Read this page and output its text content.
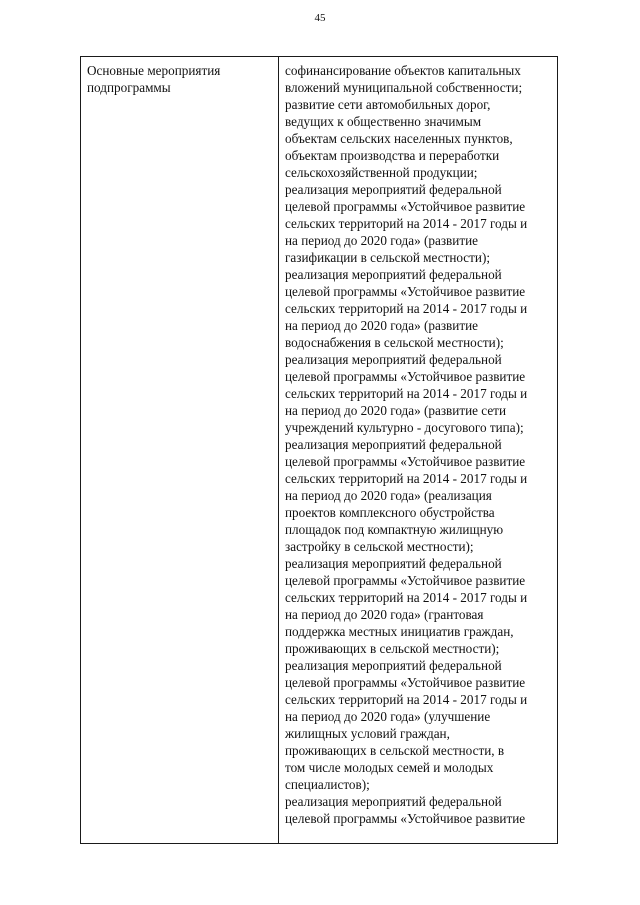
45
Основные мероприятия
подпрограммы
софинансирование объектов капитальных
вложений муниципальной собственности;
развитие сети автомобильных дорог,
ведущих к общественно значимым
объектам сельских населенных пунктов,
объектам производства и переработки
сельскохозяйственной продукции;
реализация мероприятий федеральной
целевой программы «Устойчивое развитие
сельских территорий на 2014 - 2017 годы и
на период до 2020 года» (развитие
газификации в сельской местности);
реализация мероприятий федеральной
целевой программы «Устойчивое развитие
сельских территорий на 2014 - 2017 годы и
на период до 2020 года» (развитие
водоснабжения в сельской местности);
реализация мероприятий федеральной
целевой программы «Устойчивое развитие
сельских территорий на 2014 - 2017 годы и
на период до 2020 года» (развитие сети
учреждений культурно - досугового типа);
реализация мероприятий федеральной
целевой программы «Устойчивое развитие
сельских территорий на 2014 - 2017 годы и
на период до 2020 года» (реализация
проектов комплексного обустройства
площадок под компактную жилищную
застройку в сельской местности);
реализация мероприятий федеральной
целевой программы «Устойчивое развитие
сельских территорий на 2014 - 2017 годы и
на период до 2020 года» (грантовая
поддержка местных инициатив граждан,
проживающих в сельской местности);
реализация мероприятий федеральной
целевой программы «Устойчивое развитие
сельских территорий на 2014 - 2017 годы и
на период до 2020 года» (улучшение
жилищных условий граждан,
проживающих в сельской местности, в
том числе молодых семей и молодых
специалистов);
реализация мероприятий федеральной
целевой программы «Устойчивое развитие
